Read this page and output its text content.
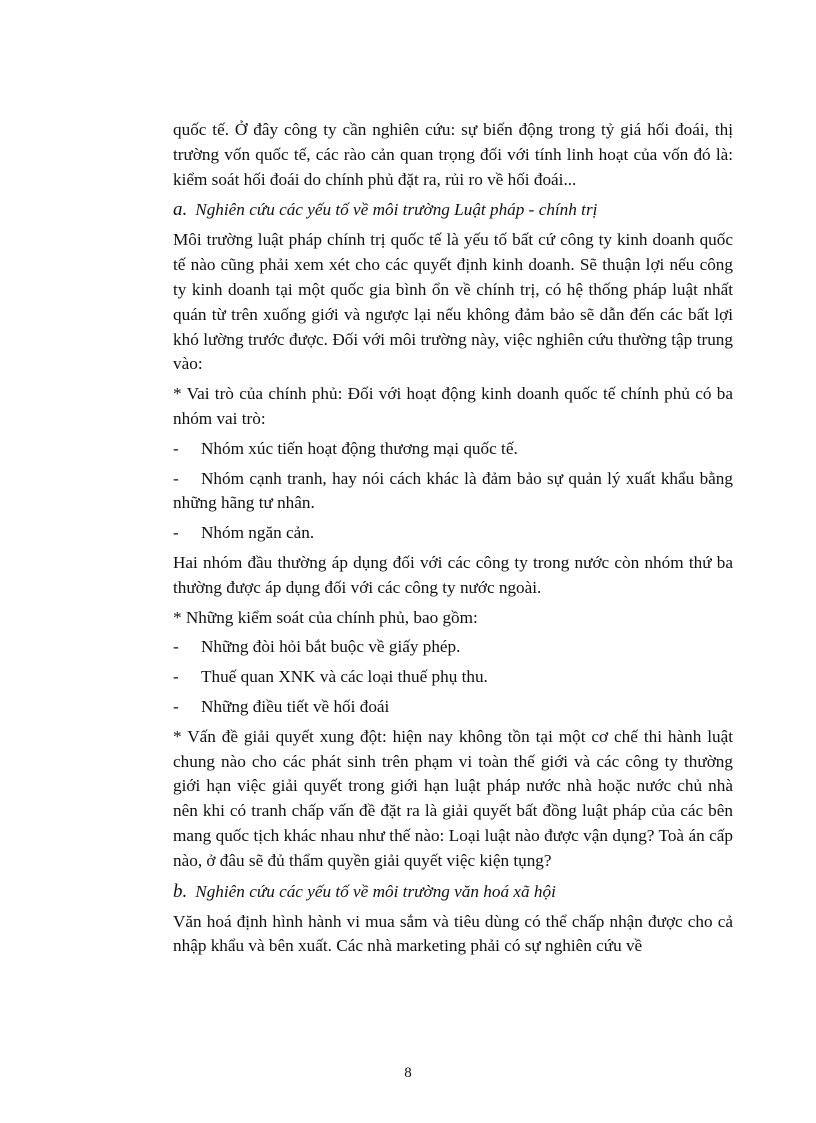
quốc tế. Ở đây công ty cần nghiên cứu: sự biến động trong tỷ giá hối đoái, thị trường vốn quốc tế, các rào cản quan trọng đối với tính linh hoạt của vốn đó là: kiểm soát hối đoái do chính phủ đặt ra, rủi ro về hối đoái...

a. Nghiên cứu các yếu tố về môi trường Luật pháp - chính trị

Môi trường luật pháp chính trị quốc tế là yếu tố bất cứ công ty kinh doanh quốc tế nào cũng phải xem xét cho các quyết định kinh doanh. Sẽ thuận lợi nếu công ty kinh doanh tại một quốc gia bình ổn về chính trị, có hệ thống pháp luật nhất quán từ trên xuống giới và ngược lại nếu không đảm bảo sẽ dẫn đến các bất lợi khó lường trước được. Đối với môi trường này, việc nghiên cứu thường tập trung vào:

* Vai trò của chính phủ: Đối với hoạt động kinh doanh quốc tế chính phủ có ba nhóm vai trò:

-	Nhóm xúc tiến hoạt động thương mại quốc tế.
- Nhóm cạnh tranh, hay nói cách khác là đảm bảo sự quản lý xuất khẩu bằng những hãng tư nhân.
-	Nhóm ngăn cản.

Hai nhóm đầu thường áp dụng đối với các công ty trong nước còn nhóm thứ ba thường được áp dụng đối với các công ty nước ngoài.

* Những kiểm soát của chính phủ, bao gồm:

-	Những đòi hỏi bắt buộc về giấy phép.
-	Thuế quan XNK và các loại thuế phụ thu.
-	Những điều tiết về hối đoái

* Vấn đề giải quyết xung đột: hiện nay không tồn tại một cơ chế thi hành luật chung nào cho các phát sinh trên phạm vi toàn thế giới và các công ty thường giới hạn việc giải quyết trong giới hạn luật pháp nước nhà hoặc nước chủ nhà nên khi có tranh chấp vấn đề đặt ra là giải quyết bất đồng luật pháp của các bên mang quốc tịch khác nhau như thế nào: Loại luật nào được vận dụng? Toà án cấp nào, ở đâu sẽ đủ thẩm quyền giải quyết việc kiện tụng?

b. Nghiên cứu các yếu tố về môi trường văn hoá xã hội

Văn hoá định hình hành vi mua sắm và tiêu dùng có thể chấp nhận được cho cả nhập khẩu và bên xuất. Các nhà marketing phải có sự nghiên cứu về

8
